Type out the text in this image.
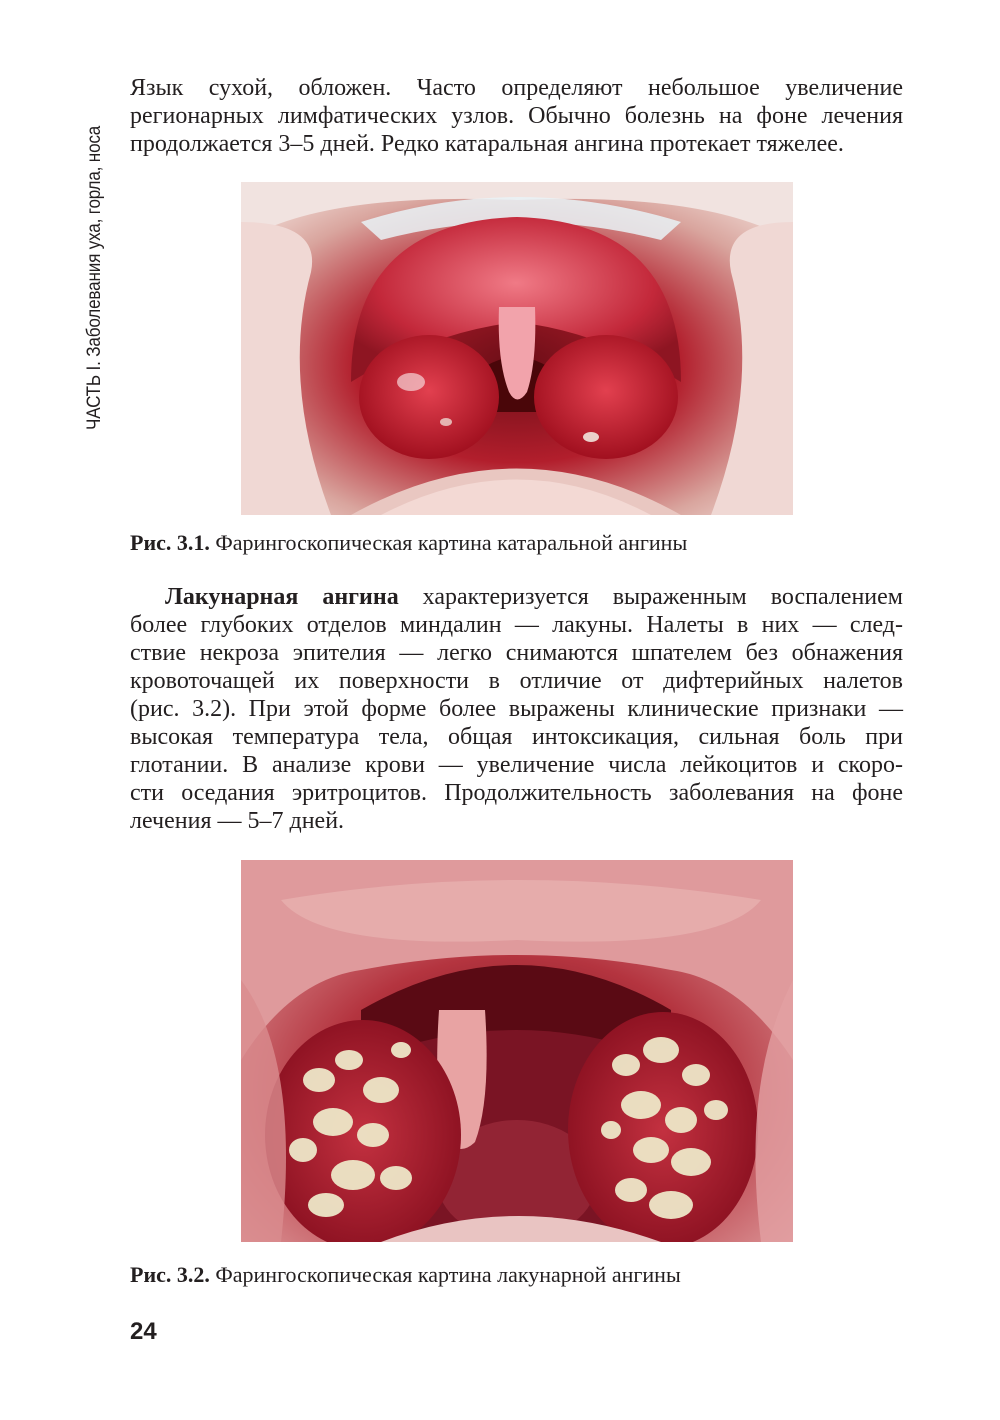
ЧАСТЬ I. Заболевания уха, горла, носа
Язык сухой, обложен. Часто определяют небольшое увеличение
регионарных лимфатических узлов. Обычно болезнь на фоне лечения
продолжается 3–5 дней. Редко катаральная ангина протекает тяжелее.
Рис. 3.1. Фарингоскопическая картина катаральной ангины
Лакунарная ангина характеризуется выраженным воспалением
более глубоких отделов миндалин — лакуны. Налеты в них — след-
ствие некроза эпителия — легко снимаются шпателем без обнажения
кровоточащей их поверхности в отличие от дифтерийных налетов
(рис. 3.2). При этой форме более выражены клинические признаки —
высокая температура тела, общая интоксикация, сильная боль при
глотании. В анализе крови — увеличение числа лейкоцитов и скоро-
сти оседания эритроцитов. Продолжительность заболевания на фоне
лечения — 5–7 дней.
Рис. 3.2. Фарингоскопическая картина лакунарной ангины
24
